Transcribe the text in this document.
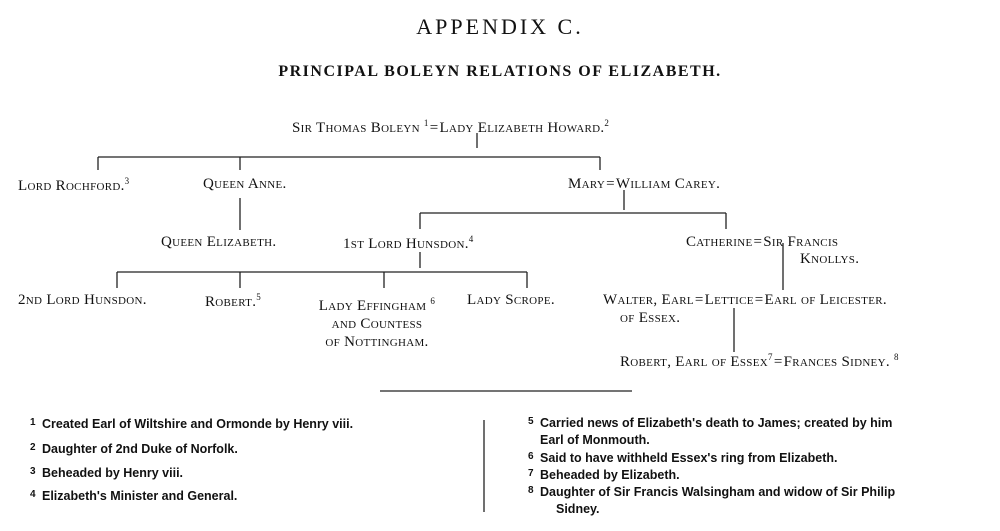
APPENDIX C.
PRINCIPAL BOLEYN RELATIONS OF ELIZABETH.
Sir Thomas Boleyn $^1$=Lady Elizabeth Howard.$^2$
Lord Rochford.$^3$	Queen Anne.	Mary=William Carey.
Queen Elizabeth.	1st Lord Hunsdon.$^4$	Catherine=Sir Francis
Knollys.
2nd Lord Hunsdon.	Robert.$^5$
Lady Effingham $^6$
and Countess
of Nottingham.
Lady Scrope.	Walter, Earl=Lettice=Earl of Leicester.
of Essex.
Robert, Earl of Essex$^7$=Frances Sidney. $^8$
1 Created Earl of Wiltshire and Ormonde by Henry viii.
2 Daughter of 2nd Duke of Norfolk.
3 Beheaded by Henry viii.
4 Elizabeth's Minister and General.
5 Carried news of Elizabeth's death to James; created by him
Earl of Monmouth.
6 Said to have withheld Essex's ring from Elizabeth.
7 Beheaded by Elizabeth.
8 Daughter of Sir Francis Walsingham and widow of Sir Philip
Sidney.
